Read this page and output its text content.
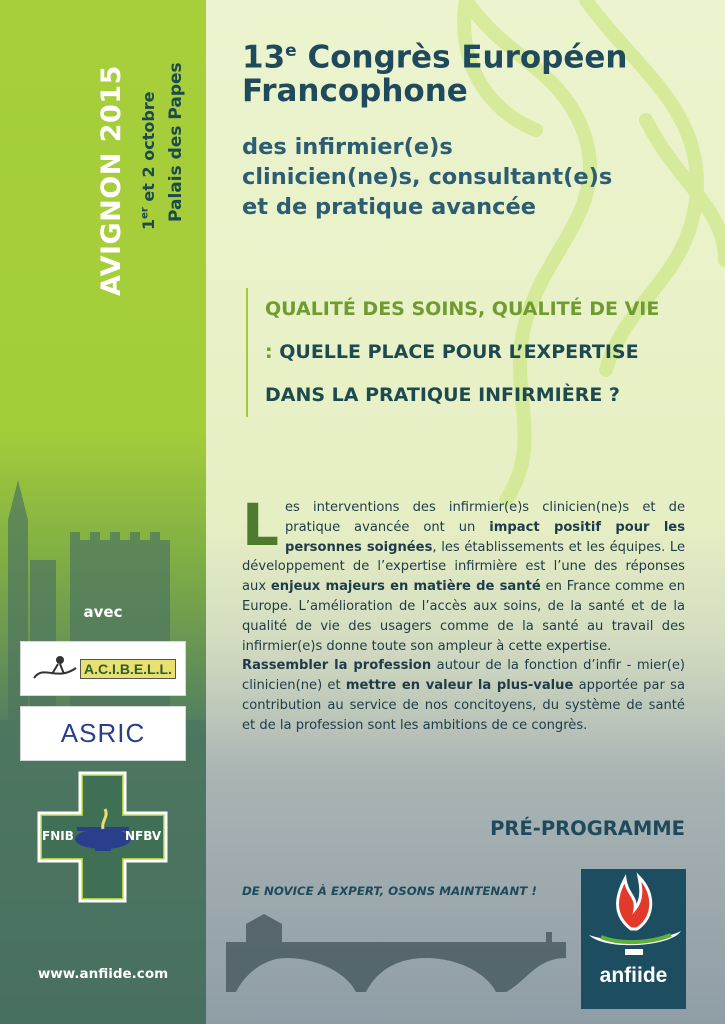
AVIGNON 2015 1er et 2 octobre Palais des Papes
avec
A.C.I.B.E.L.L.
ASRIC
FNIB	NFBV
www.anfiide.com
13e Congrès Européen
Francophone
des infirmier(e)s
clinicien(ne)s, consultant(e)s
et de pratique avancée
QUALITÉ DES SOINS, QUALITÉ DE VIE : QUELLE PLACE POUR L’EXPERTISE DANS LA PRATIQUE INFIRMIÈRE ?
L es interventions des infirmier(e)s clinicien(ne)s et de pratique avancée ont un impact positif pour les personnes soignées, les établissements et les équipes. Le développement de l’expertise infirmière est l’une des réponses aux enjeux majeurs en matière de santé en France comme en Europe. L’amélioration de l’accès aux soins, de la santé et de la qualité de vie des usagers comme de la santé au travail des infirmier(e)s donne toute son ampleur à cette expertise.
Rassembler la profession autour de la fonction d’infir - mier(e) clinicien(ne) et mettre en valeur la plus-value apportée par sa contribution au service de nos concitoyens, du système de santé et de la profession sont les ambitions de ce congrès.
PRÉ-PROGRAMME
DE NOVICE À EXPERT, OSONS MAINTENANT !
anfiide
